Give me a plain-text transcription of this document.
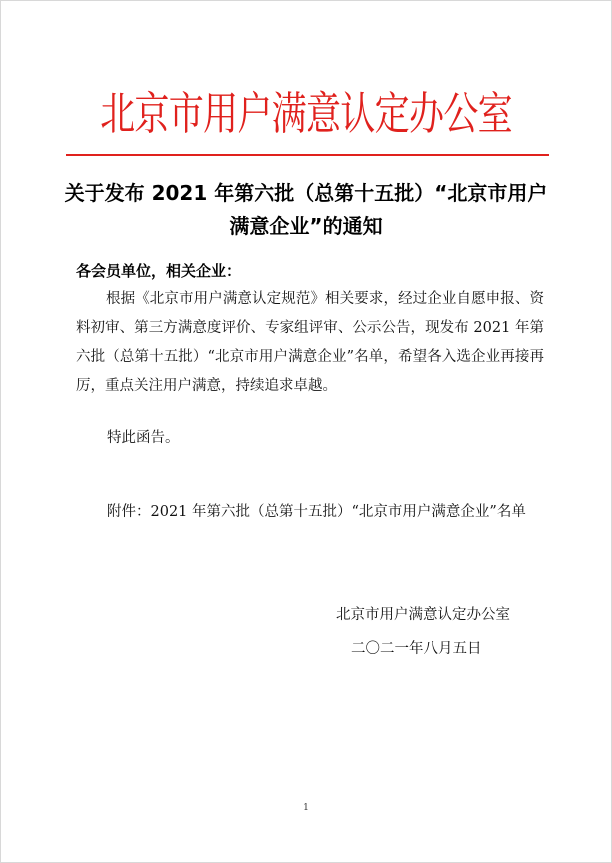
北京市用户满意认定办公室
关于发布 2021 年第六批（总第十五批）“北京市用户满意企业”的通知
各会员单位，相关企业：

根据《北京市用户满意认定规范》相关要求，经过企业自愿申报、资料初审、第三方满意度评价、专家组评审、公示公告，现发布 2021 年第六批（总第十五批）“北京市用户满意企业”名单，希望各入选企业再接再厉，重点关注用户满意，持续追求卓越。

特此函告。

附件：2021 年第六批（总第十五批）“北京市用户满意企业”名单

北京市用户满意认定办公室
二〇二一年八月五日
1
